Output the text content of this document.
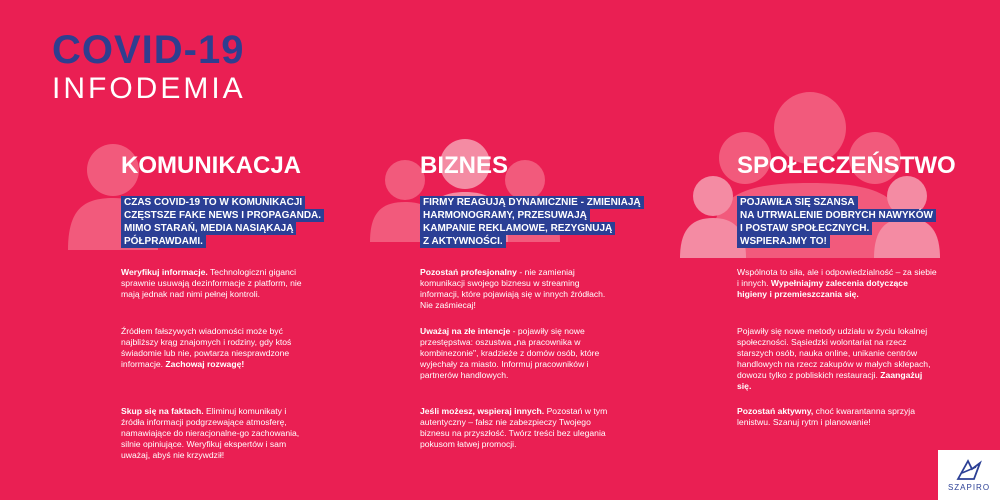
COVID-19
INFODEMIA
KOMUNIKACJA
CZAS COVID-19 TO W KOMUNIKACJI
CZĘSTSZE FAKE NEWS I PROPAGANDA.
MIMO STARAŃ, MEDIA NASIĄKAJĄ
PÓŁPRAWDAMI.
Weryfikuj informacje. Technologiczni giganci sprawnie usuwają dezinformacje z platform, nie mają jednak nad nimi pełnej kontroli.
Źródłem fałszywych wiadomości może być najbliższy krąg znajomych i rodziny, gdy ktoś świadomie lub nie, powtarza niesprawdzone informacje. Zachowaj rozwagę!
Skup się na faktach. Eliminuj komunikaty i źródła informacji podgrzewające atmosferę, namawiające do nieracjonalne-go zachowania, silnie opiniujące. Weryfikuj ekspertów i sam uważaj, abyś nie krzywdził!
BIZNES
FIRMY REAGUJĄ DYNAMICZNIE - ZMIENIAJĄ
HARMONOGRAMY, PRZESUWAJĄ
KAMPANIE REKLAMOWE, REZYGNUJĄ
Z AKTYWNOŚCI.
Pozostań profesjonalny - nie zamieniaj komunikacji swojego biznesu w streaming informacji, które pojawiają się w innych źródłach. Nie zaśmiecaj!
Uważaj na złe intencje - pojawiły się nowe przestępstwa: oszustwa „na pracownika w kombinezonie", kradzieże z domów osób, które wyjechały za miasto. Informuj pracowników i partnerów handlowych.
Jeśli możesz, wspieraj innych. Pozostań w tym autentyczny – fałsz nie zabezpieczy Twojego biznesu na przyszłość. Twórz treści bez ulegania pokusom łatwej promocji.
SPOŁECZEŃSTWO
POJAWIŁA SIĘ SZANSA
NA UTRWALENIE DOBRYCH NAWYKÓW
I POSTAW SPOŁECZNYCH.
WSPIERAJMY TO!
Wspólnota to siła, ale i odpowiedzialność – za siebie i innych. Wypełniajmy zalecenia dotyczące higieny i przemieszczania się.
Pojawiły się nowe metody udziału w życiu lokalnej społeczności. Sąsiedzki wolontariat na rzecz starszych osób, nauka online, unikanie centrów handlowych na rzecz zakupów w małych sklepach, dowozu tylko z pobliskich restauracji. Zaangażuj się.
Pozostań aktywny, choć kwarantanna sprzyja lenistwu. Szanuj rytm i planowanie!
SZAPIRO
